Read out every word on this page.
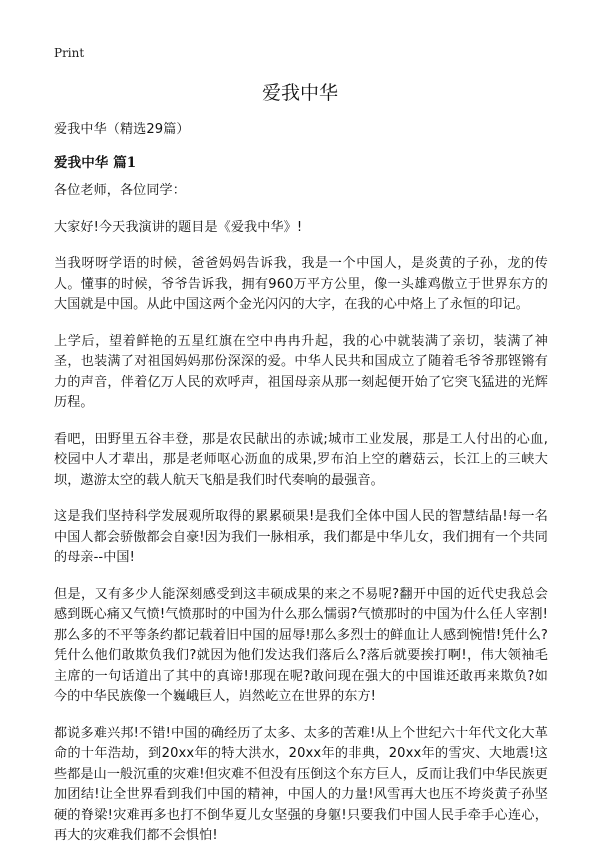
Print
爱我中华

爱我中华（精选29篇）

爱我中华 篇1

各位老师，各位同学：

大家好!今天我演讲的题目是《爱我中华》!

当我呀呀学语的时候，爸爸妈妈告诉我，我是一个中国人，是炎黄的子孙，龙的传人。懂事的时候，爷爷告诉我，拥有960万平方公里，像一头雄鸡傲立于世界东方的大国就是中国。从此中国这两个金光闪闪的大字，在我的心中烙上了永恒的印记。

上学后，望着鲜艳的五星红旗在空中冉冉升起，我的心中就装满了亲切，装满了神圣，也装满了对祖国妈妈那份深深的爱。中华人民共和国成立了随着毛爷爷那铿锵有力的声音，伴着亿万人民的欢呼声，祖国母亲从那一刻起便开始了它突飞猛进的光辉历程。

看吧，田野里五谷丰登，那是农民献出的赤诚;城市工业发展，那是工人付出的心血,校园中人才辈出，那是老师呕心沥血的成果,罗布泊上空的蘑菇云，长江上的三峡大坝，遨游太空的载人航天飞船是我们时代奏响的最强音。

这是我们坚持科学发展观所取得的累累硕果!是我们全体中国人民的智慧结晶!每一名中国人都会骄傲都会自豪!因为我们一脉相承，我们都是中华儿女，我们拥有一个共同的母亲--中国!

但是，又有多少人能深刻感受到这丰硕成果的来之不易呢?翻开中国的近代史我总会感到既心痛又气愤!气愤那时的中国为什么那么懦弱?气愤那时的中国为什么任人宰割!那么多的不平等条约都记载着旧中国的屈辱!那么多烈士的鲜血让人感到惋惜!凭什么?凭什么他们敢欺负我们?就因为他们发达我们落后么?落后就要挨打啊!，伟大领袖毛主席的一句话道出了其中的真谛!那现在呢?敢问现在强大的中国谁还敢再来欺负?如今的中华民族像一个巍峨巨人，岿然屹立在世界的东方!

都说多难兴邦!不错!中国的确经历了太多、太多的苦难!从上个世纪六十年代文化大革命的十年浩劫，到20xx年的特大洪水，20xx年的非典，20xx年的雪灾、大地震!这些都是山一般沉重的灾难!但灾难不但没有压倒这个东方巨人，反而让我们中华民族更加团结!让全世界看到我们中国的精神，中国人的力量!风雪再大也压不垮炎黄子孙坚硬的脊梁!灾难再多也打不倒华夏儿女坚强的身躯!只要我们中国人民手牵手心连心，再大的灾难我们都不会惧怕!
